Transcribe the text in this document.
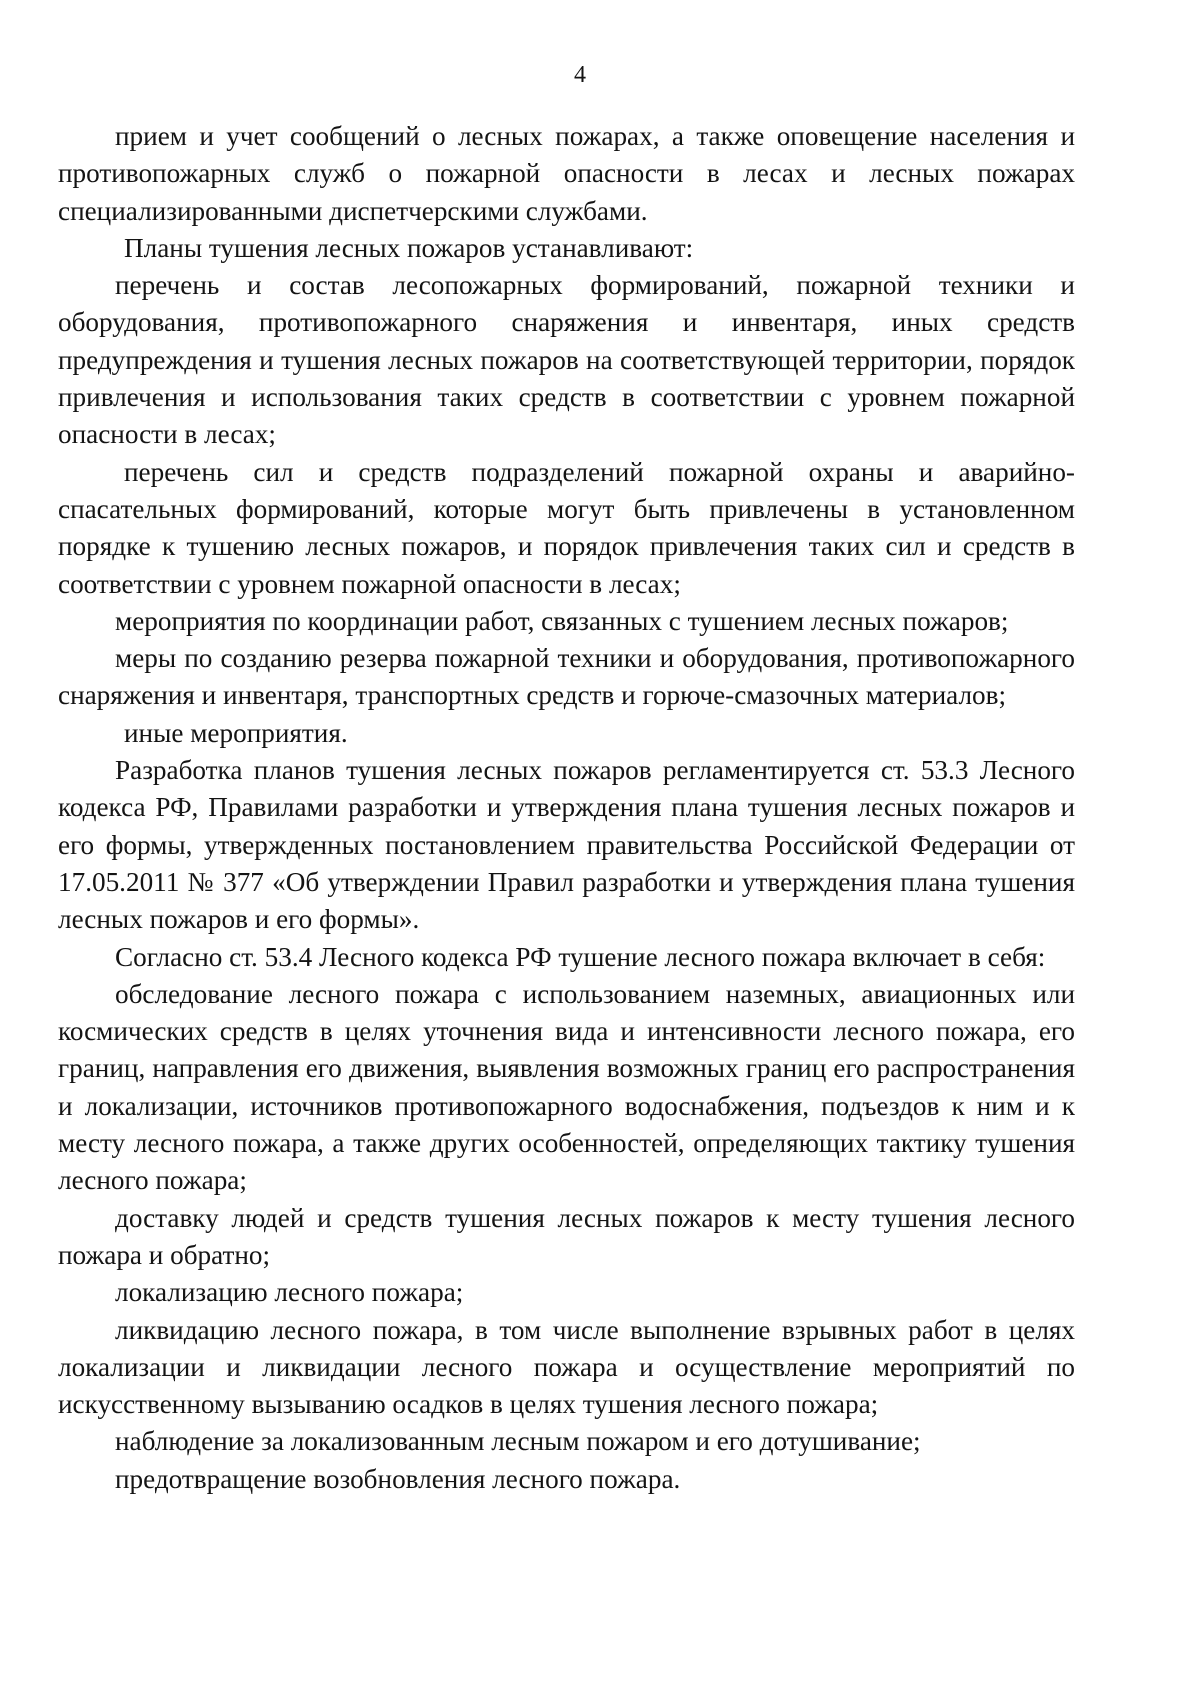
4

прием и учет сообщений о лесных пожарах, а также оповещение населения и противопожарных служб о пожарной опасности в лесах и лесных пожарах специализированными диспетчерскими службами.

Планы тушения лесных пожаров устанавливают:

перечень и состав лесопожарных формирований, пожарной техники и оборудования, противопожарного снаряжения и инвентаря, иных средств предупреждения и тушения лесных пожаров на соответствующей территории, порядок привлечения и использования таких средств в соответствии с уровнем пожарной опасности в лесах;

перечень сил и средств подразделений пожарной охраны и аварийно-спасательных формирований, которые могут быть привлечены в установленном порядке к тушению лесных пожаров, и порядок привлечения таких сил и средств в соответствии с уровнем пожарной опасности в лесах;

мероприятия по координации работ, связанных с тушением лесных пожаров;

меры по созданию резерва пожарной техники и оборудования, противопожарного снаряжения и инвентаря, транспортных средств и горюче-смазочных материалов;

иные мероприятия.

Разработка планов тушения лесных пожаров регламентируется ст. 53.3 Лесного кодекса РФ, Правилами разработки и утверждения плана тушения лесных пожаров и его формы, утвержденных постановлением правительства Российской Федерации от 17.05.2011 № 377 «Об утверждении Правил разработки и утверждения плана тушения лесных пожаров и его формы».

Согласно ст. 53.4 Лесного кодекса РФ тушение лесного пожара включает в себя:

обследование лесного пожара с использованием наземных, авиационных или космических средств в целях уточнения вида и интенсивности лесного пожара, его границ, направления его движения, выявления возможных границ его распространения и локализации, источников противопожарного водоснабжения, подъездов к ним и к месту лесного пожара, а также других особенностей, определяющих тактику тушения лесного пожара;

доставку людей и средств тушения лесных пожаров к месту тушения лесного пожара и обратно;

локализацию лесного пожара;

ликвидацию лесного пожара, в том числе выполнение взрывных работ в целях локализации и ликвидации лесного пожара и осуществление мероприятий по искусственному вызыванию осадков в целях тушения лесного пожара;

наблюдение за локализованным лесным пожаром и его дотушивание;

предотвращение возобновления лесного пожара.
